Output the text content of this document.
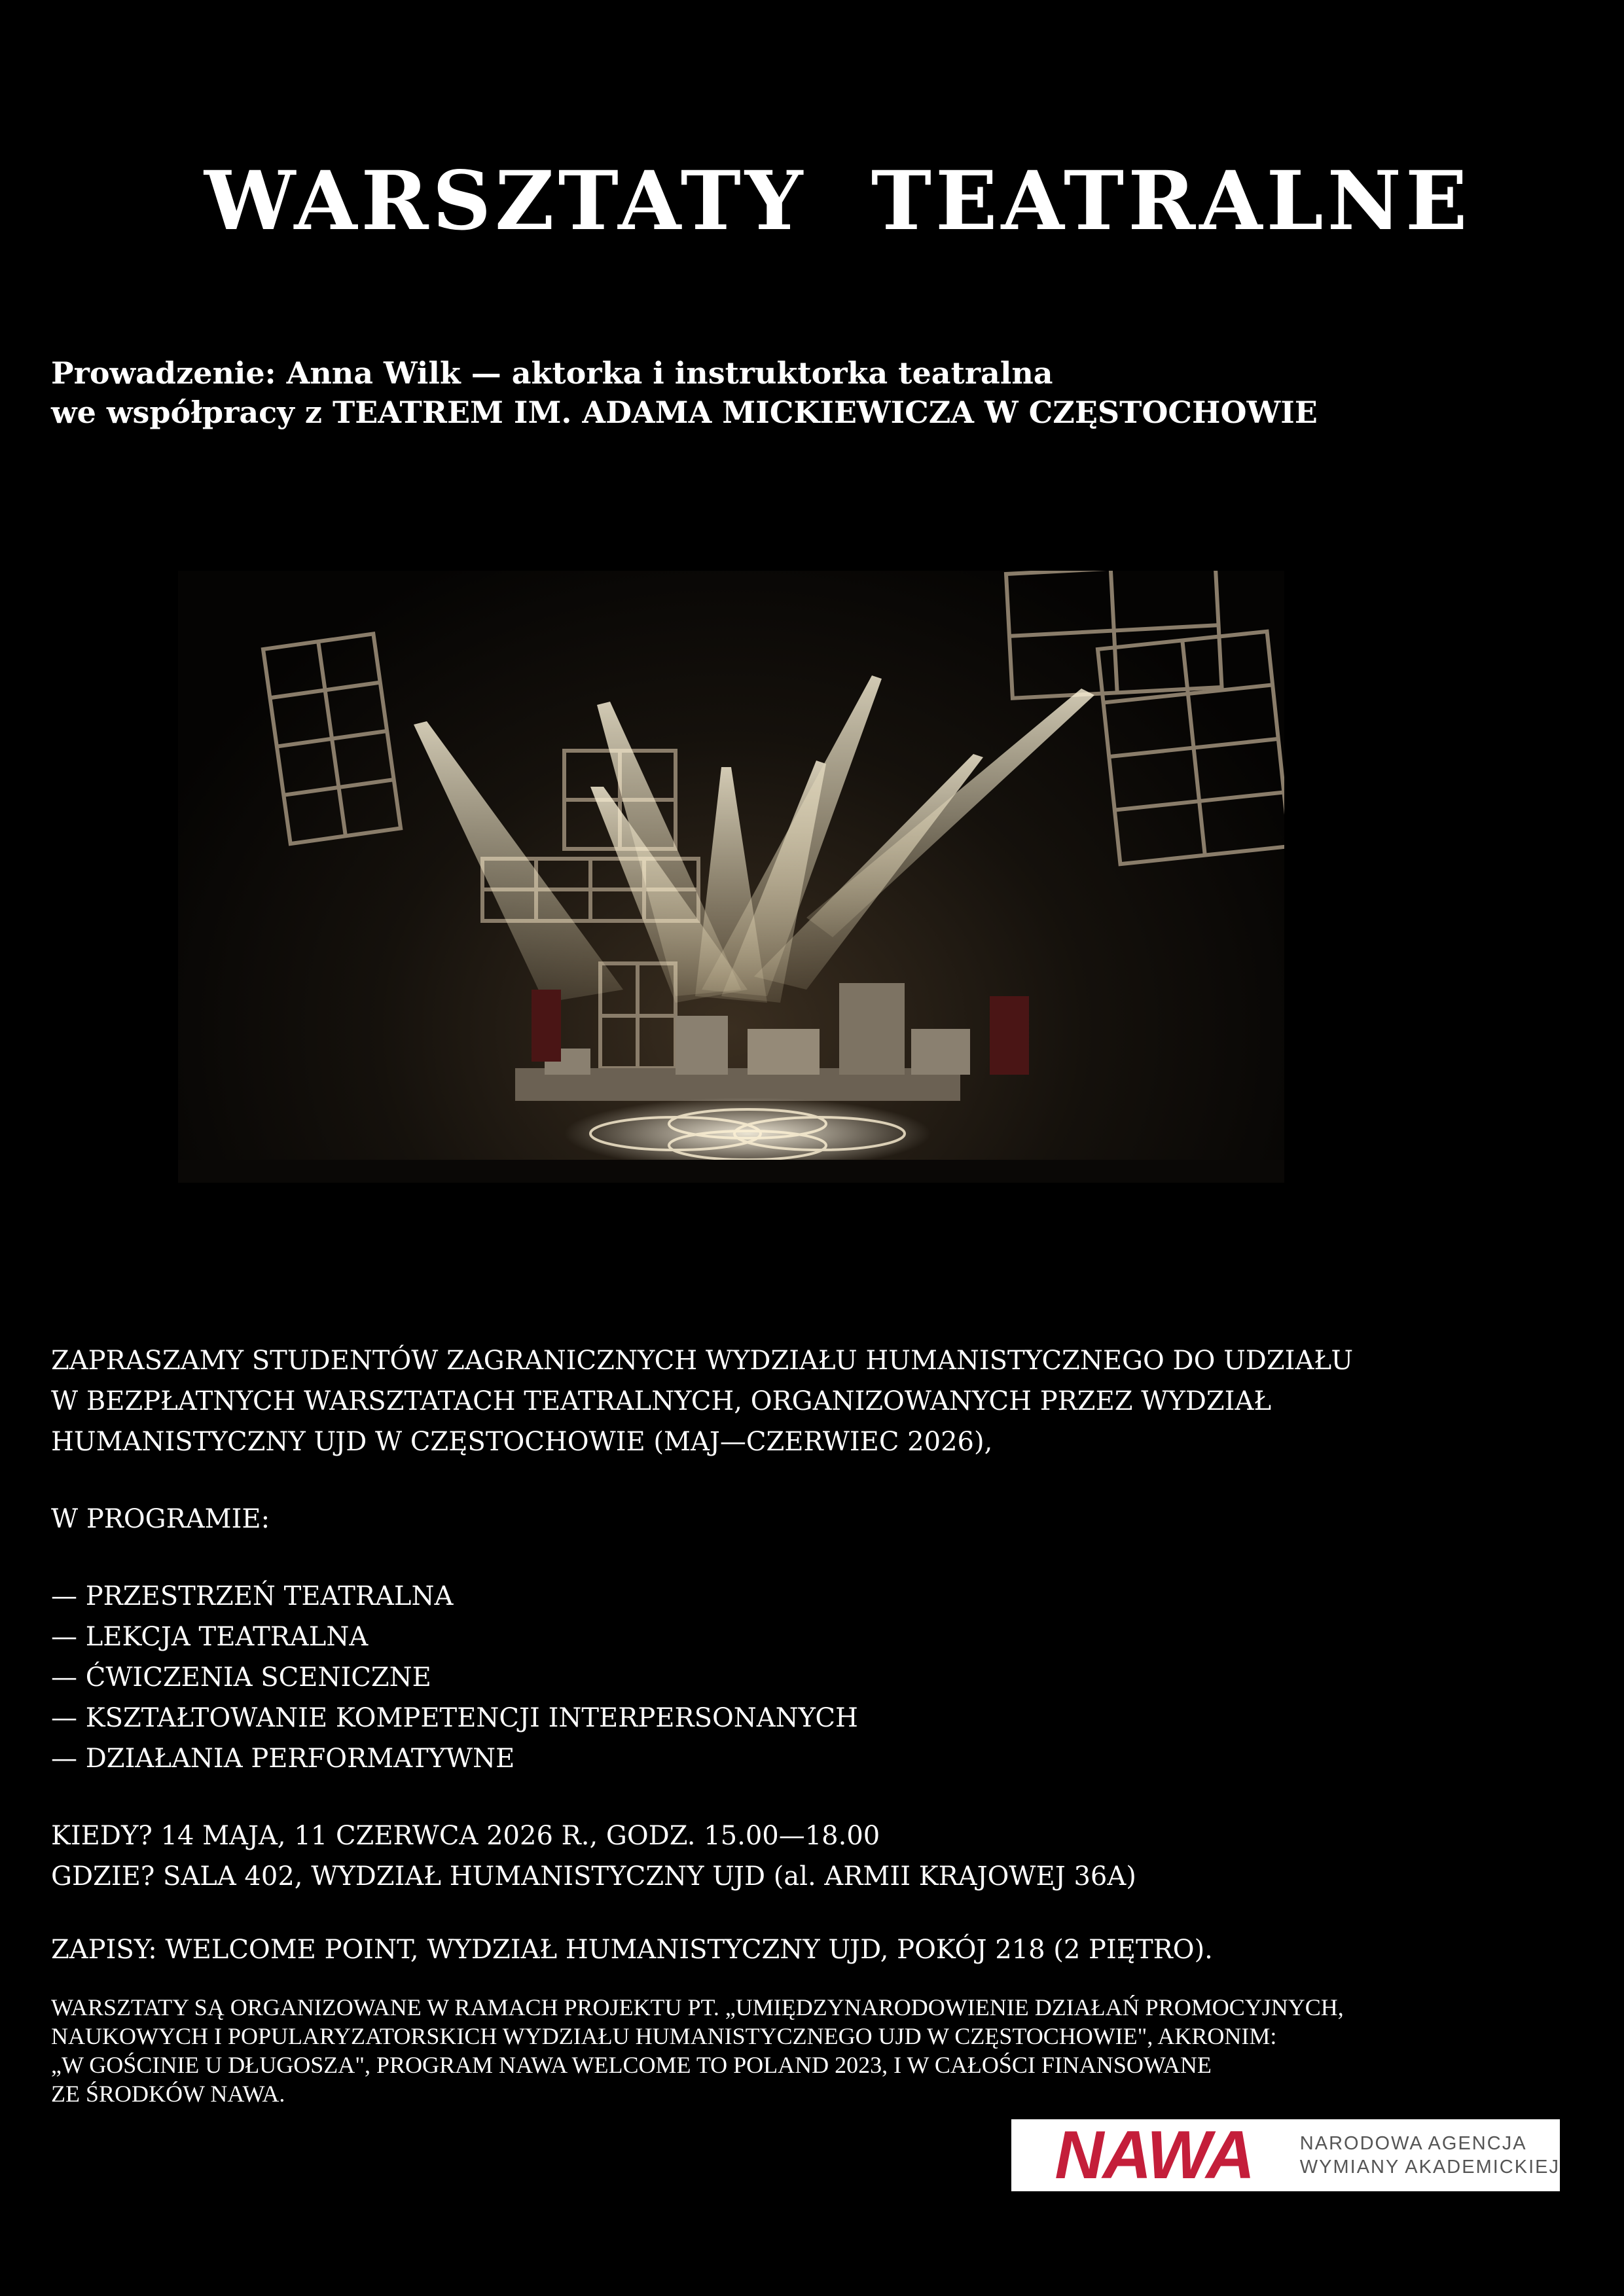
WARSZTATY  TEATRALNE
Prowadzenie: Anna Wilk — aktorka i instruktorka teatralna
we współpracy z TEATREM IM. ADAMA MICKIEWICZA W CZĘSTOCHOWIE
ZAPRASZAMY STUDENTÓW ZAGRANICZNYCH WYDZIAŁU HUMANISTYCZNEGO DO UDZIAŁU
W BEZPŁATNYCH WARSZTATACH TEATRALNYCH, ORGANIZOWANYCH PRZEZ WYDZIAŁ
HUMANISTYCZNY UJD W CZĘSTOCHOWIE (MAJ—CZERWIEC 2026),
W PROGRAMIE:
— PRZESTRZEŃ TEATRALNA
— LEKCJA TEATRALNA
— ĆWICZENIA SCENICZNE
— KSZTAŁTOWANIE KOMPETENCJI INTERPERSONANYCH
— DZIAŁANIA PERFORMATYWNE
KIEDY? 14 MAJA, 11 CZERWCA 2026 R., GODZ. 15.00—18.00
GDZIE? SALA 402, WYDZIAŁ HUMANISTYCZNY UJD (al. ARMII KRAJOWEJ 36A)
ZAPISY: WELCOME POINT, WYDZIAŁ HUMANISTYCZNY UJD, POKÓJ 218 (2 PIĘTRO).
WARSZTATY SĄ ORGANIZOWANE W RAMACH PROJEKTU PT. „UMIĘDZYNARODOWIENIE DZIAŁAŃ PROMOCYJNYCH,
NAUKOWYCH I POPULARYZATORSKICH WYDZIAŁU HUMANISTYCZNEGO UJD W CZĘSTOCHOWIE", AKRONIM:
„W GOŚCINIE U DŁUGOSZA", PROGRAM NAWA WELCOME TO POLAND 2023, I W CAŁOŚCI FINANSOWANE
ZE ŚRODKÓW NAWA.
NAWA	NARODOWA AGENCJA
WYMIANY AKADEMICKIEJ
